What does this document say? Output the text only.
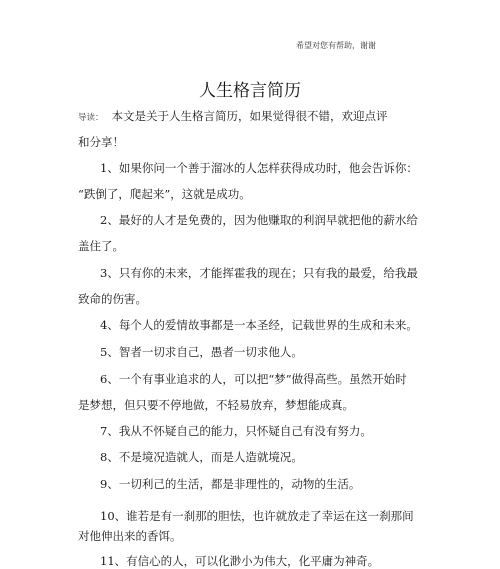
希望对您有帮助，谢谢
人生格言简历
导读： 本文是关于人生格言简历，如果觉得很不错，欢迎点评
和分享！
1、如果你问一个善于溜冰的人怎样获得成功时，他会告诉你：
“跌倒了，爬起来”，这就是成功。
2、最好的人才是免费的，因为他赚取的利润早就把他的薪水给
盖住了。
3、只有你的未来，才能挥霍我的现在；只有我的最爱，给我最
致命的伤害。
4、每个人的爱情故事都是一本圣经，记载世界的生成和未来。
5、智者一切求自己，愚者一切求他人。
6、一个有事业追求的人，可以把“梦”做得高些。虽然开始时
是梦想，但只要不停地做，不轻易放弃，梦想能成真。
7、我从不怀疑自己的能力，只怀疑自己有没有努力。
8、不是境况造就人，而是人造就境况。
9、一切利己的生活，都是非理性的，动物的生活。
10、谁若是有一刹那的胆怯，也许就放走了幸运在这一刹那间
对他伸出来的香饵。
11、有信心的人，可以化渺小为伟大，化平庸为神奇。
